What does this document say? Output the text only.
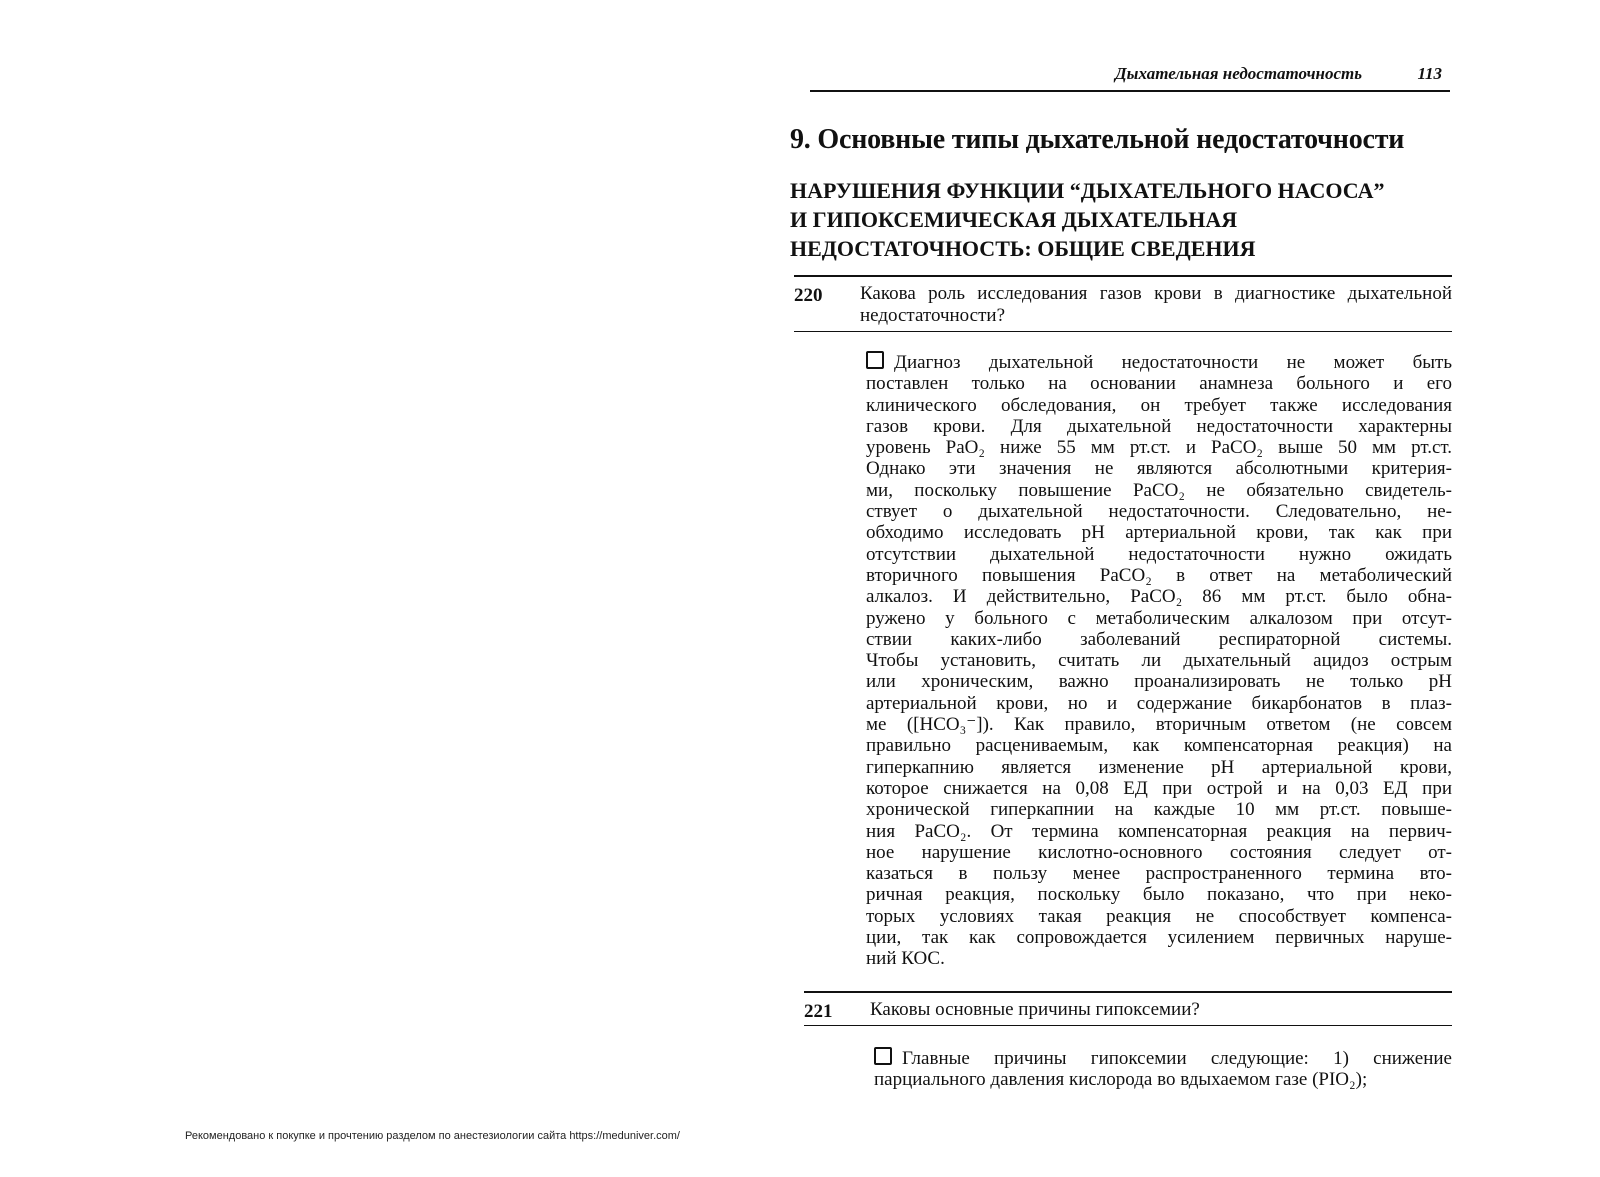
Дыхательная недостаточность	113
9. Основные типы дыхательной недостаточности
НАРУШЕНИЯ ФУНКЦИИ “ДЫХАТЕЛЬНОГО НАСОСА”
И ГИПОКСЕМИЧЕСКАЯ ДЫХАТЕЛЬНАЯ
НЕДОСТАТОЧНОСТЬ: ОБЩИЕ СВЕДЕНИЯ
220 Какова роль исследования газов крови в диагностике дыхательной недостаточности?
Диагноз дыхательной недостаточности не может быть
поставлен только на основании анамнеза больного и его
клинического обследования, он требует также исследования
газов крови. Для дыхательной недостаточности характерны
уровень PaO₂ ниже 55 мм рт.ст. и PaCO₂ выше 50 мм рт.ст.
Однако эти значения не являются абсолютными критерия-
ми, поскольку повышение PaCO₂ не обязательно свидетель-
ствует о дыхательной недостаточности. Следовательно, не-
обходимо исследовать pH артериальной крови, так как при
отсутствии дыхательной недостаточности нужно ожидать
вторичного повышения PaCO₂ в ответ на метаболический
алкалоз. И действительно, PaCO₂ 86 мм рт.ст. было обна-
ружено у больного с метаболическим алкалозом при отсут-
ствии каких-либо заболеваний респираторной системы.
Чтобы установить, считать ли дыхательный ацидоз острым
или хроническим, важно проанализировать не только pH
артериальной крови, но и содержание бикарбонатов в плаз-
ме ([HCO₃⁻]). Как правило, вторичным ответом (не совсем
правильно расцениваемым, как компенсаторная реакция) на
гиперкапнию является изменение pH артериальной крови,
которое снижается на 0,08 ЕД при острой и на 0,03 ЕД при
хронической гиперкапнии на каждые 10 мм рт.ст. повыше-
ния PaCO₂. От термина компенсаторная реакция на первич-
ное нарушение кислотно-основного состояния следует от-
казаться в пользу менее распространенного термина вто-
ричная реакция, поскольку было показано, что при неко-
торых условиях такая реакция не способствует компенса-
ции, так как сопровождается усилением первичных наруше-
ний КОС.
221 Каковы основные причины гипоксемии?
Главные причины гипоксемии следующие: 1) снижение
парциального давления кислорода во вдыхаемом газе (PIO₂);
Рекомендовано к покупке и прочтению разделом по анестезиологии сайта https://meduniver.com/
